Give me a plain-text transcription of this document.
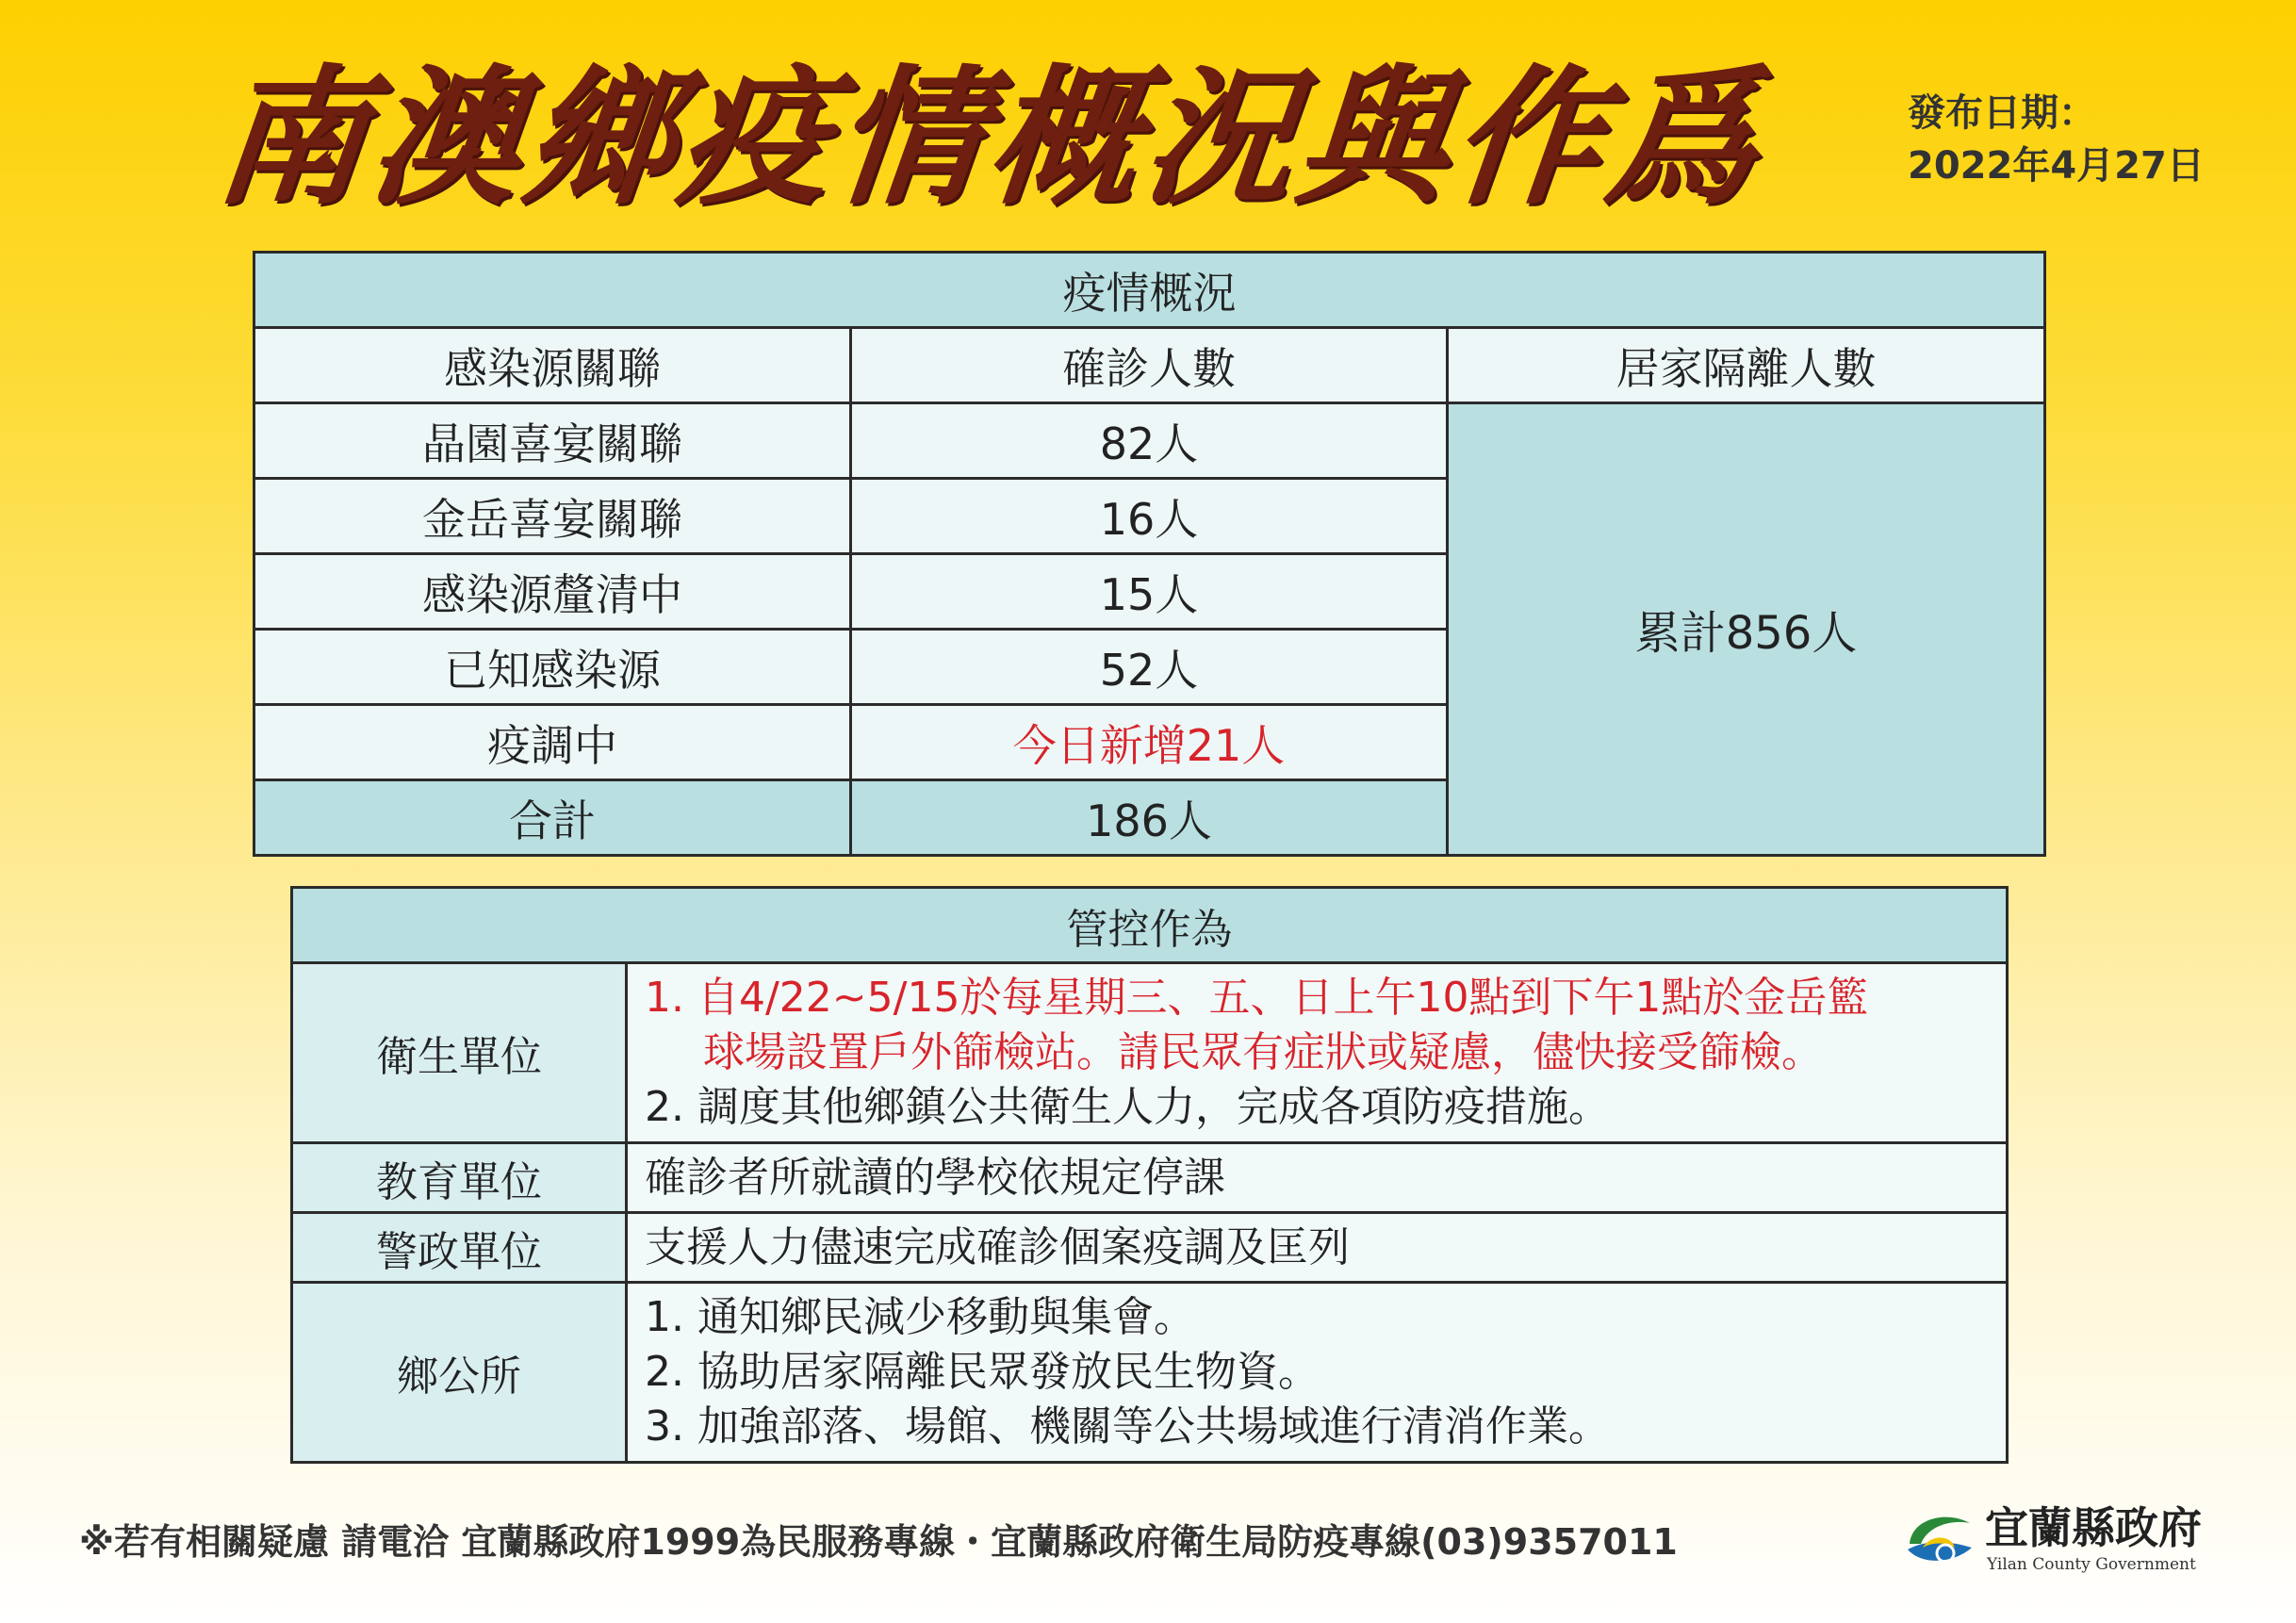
南澳鄉疫情概況與作爲	發布日期：
2022年4月27日
疫情概況		
感染源關聯	確診人數	居家隔離人數
晶園喜宴關聯	82人	累計856人
金岳喜宴關聯	16人	
感染源釐清中	15人	
已知感染源	52人	
疫調中	今日新增21人	
合計	186人	
管控作為	
衛生單位	1. 自4/22~5/15於每星期三、五、日上午10點到下午1點於金岳籃
球場設置戶外篩檢站。請民眾有症狀或疑慮，儘快接受篩檢。
2. 調度其他鄉鎮公共衛生人力，完成各項防疫措施。

教育單位	確診者所就讀的學校依規定停課
警政單位	支援人力儘速完成確診個案疫調及匡列
鄉公所	1. 通知鄉民減少移動與集會。
2. 協助居家隔離民眾發放民生物資。
3. 加強部落、場館、機關等公共場域進行清消作業。
※若有相關疑慮 請電洽 宜蘭縣政府1999為民服務專線・宜蘭縣政府衛生局防疫專線(03)9357011	宜蘭縣政府
Yilan County Government
